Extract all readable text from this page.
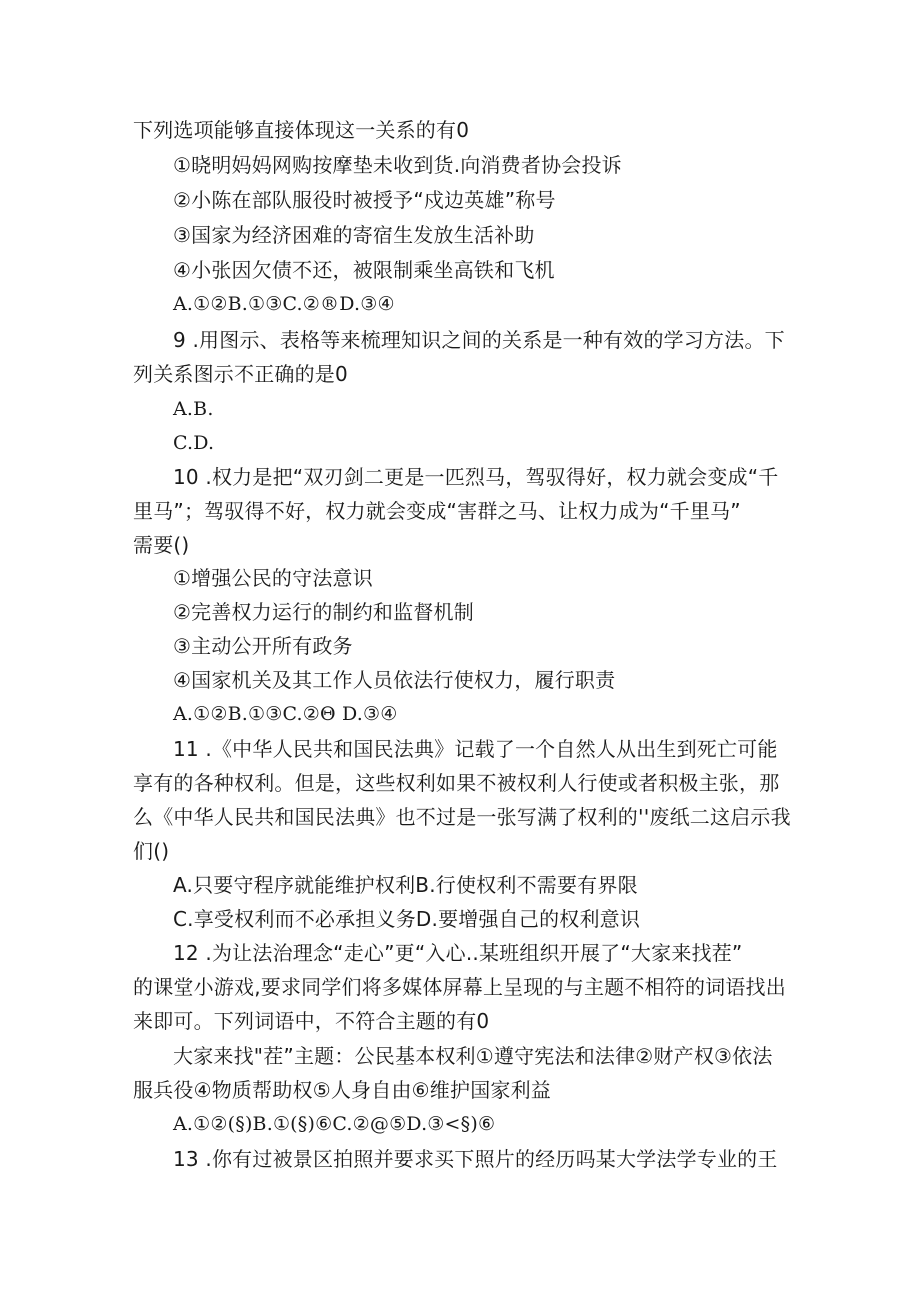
下列选项能够直接体现这一关系的有0
①晓明妈妈网购按摩垫未收到货.向消费者协会投诉
②小陈在部队服役时被授予“戍边英雄”称号
③国家为经济困难的寄宿生发放生活补助
④小张因欠债不还，被限制乘坐高铁和飞机
A.①②B.①③C.②®D.③④
9 .用图示、表格等来梳理知识之间的关系是一种有效的学习方法。下
列关系图示不正确的是0
A.B.
C.D.
10 .权力是把“双刃剑二更是一匹烈马，驾驭得好，权力就会变成“千
里马”；驾驭得不好，权力就会变成“害群之马、让权力成为“千里马”
需要()
①增强公民的守法意识
②完善权力运行的制约和监督机制
③主动公开所有政务
④国家机关及其工作人员依法行使权力，履行职责
A.①②B.①③C.②Θ D.③④
11 .《中华人民共和国民法典》记载了一个自然人从出生到死亡可能
享有的各种权利。但是，这些权利如果不被权利人行使或者积极主张，那
么《中华人民共和国民法典》也不过是一张写满了权利的''废纸二这启示我
们()
A.只要守程序就能维护权利B.行使权利不需要有界限
C.享受权利而不必承担义务D.要增强自己的权利意识
12 .为让法治理念“走心”更“入心..某班组织开展了“大家来找茬”
的课堂小游戏,要求同学们将多媒体屏幕上呈现的与主题不相符的词语找出
来即可。下列词语中，不符合主题的有0
大家来找"茬”主题：公民基本权利①遵守宪法和法律②财产权③依法
服兵役④物质帮助权⑤人身自由⑥维护国家利益
A.①②(§)B.①(§)⑥C.②@⑤D.③<§)⑥
13 .你有过被景区拍照并要求买下照片的经历吗某大学法学专业的王
